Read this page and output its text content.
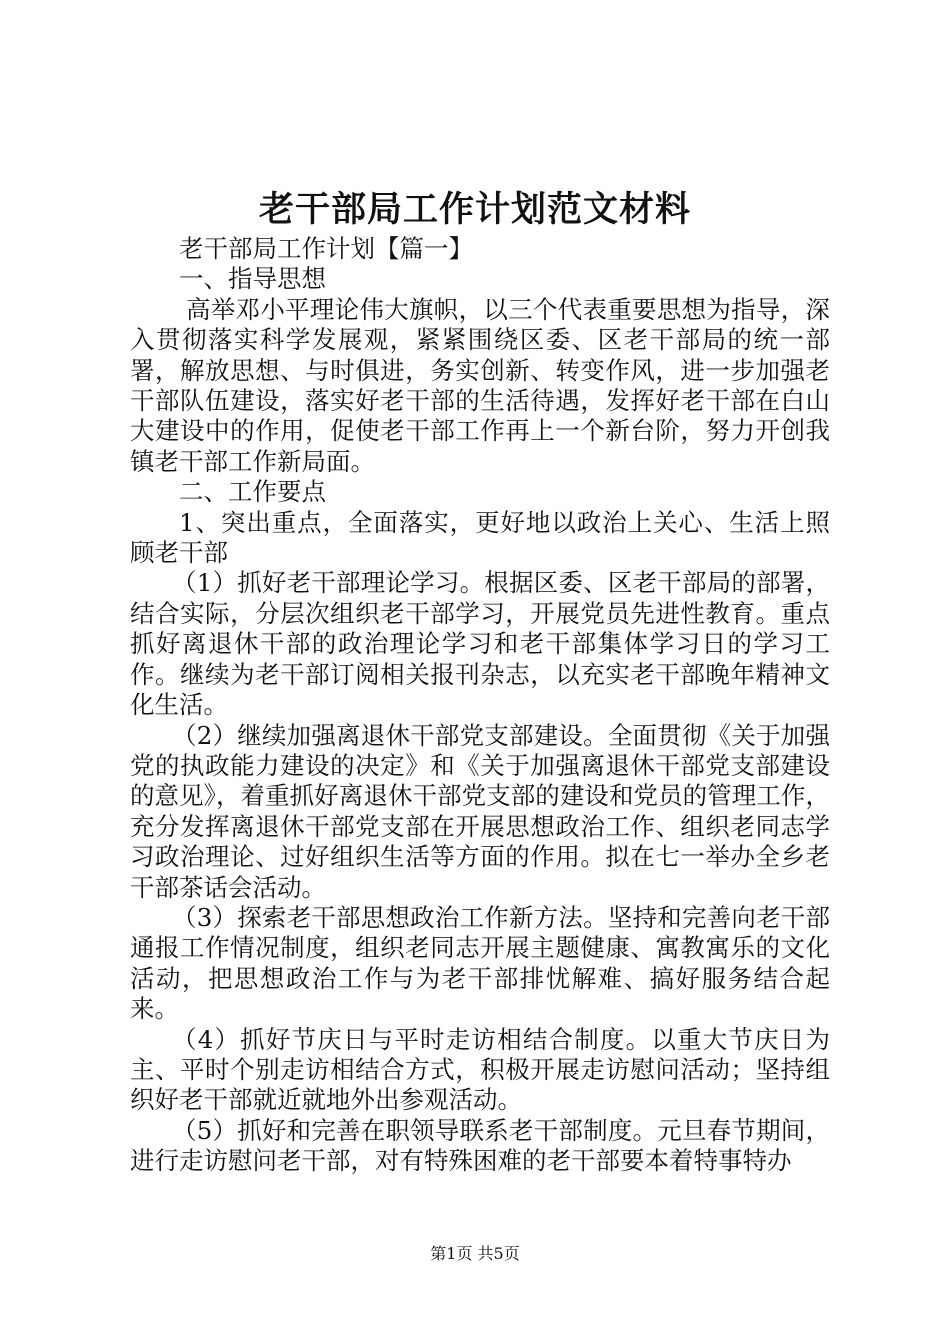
老干部局工作计划范文材料

老干部局工作计划【篇一】

一、指导思想

高举邓小平理论伟大旗帜，以三个代表重要思想为指导，深入贯彻落实科学发展观，紧紧围绕区委、区老干部局的统一部署，解放思想、与时俱进，务实创新、转变作风，进一步加强老干部队伍建设，落实好老干部的生活待遇，发挥好老干部在白山大建设中的作用，促使老干部工作再上一个新台阶，努力开创我镇老干部工作新局面。

二、工作要点

1、突出重点，全面落实，更好地以政治上关心、生活上照顾老干部

（1）抓好老干部理论学习。根据区委、区老干部局的部署，结合实际，分层次组织老干部学习，开展党员先进性教育。重点抓好离退休干部的政治理论学习和老干部集体学习日的学习工作。继续为老干部订阅相关报刊杂志，以充实老干部晚年精神文化生活。

（2）继续加强离退休干部党支部建设。全面贯彻《关于加强党的执政能力建设的决定》和《关于加强离退休干部党支部建设的意见》，着重抓好离退休干部党支部的建设和党员的管理工作，充分发挥离退休干部党支部在开展思想政治工作、组织老同志学习政治理论、过好组织生活等方面的作用。拟在七一举办全乡老干部茶话会活动。

（3）探索老干部思想政治工作新方法。坚持和完善向老干部通报工作情况制度，组织老同志开展主题健康、寓教寓乐的文化活动，把思想政治工作与为老干部排忧解难、搞好服务结合起来。

（4）抓好节庆日与平时走访相结合制度。以重大节庆日为主、平时个别走访相结合方式，积极开展走访慰问活动；坚持组织好老干部就近就地外出参观活动。

（5）抓好和完善在职领导联系老干部制度。元旦春节期间，进行走访慰问老干部，对有特殊困难的老干部要本着特事特办

第1页 共5页
